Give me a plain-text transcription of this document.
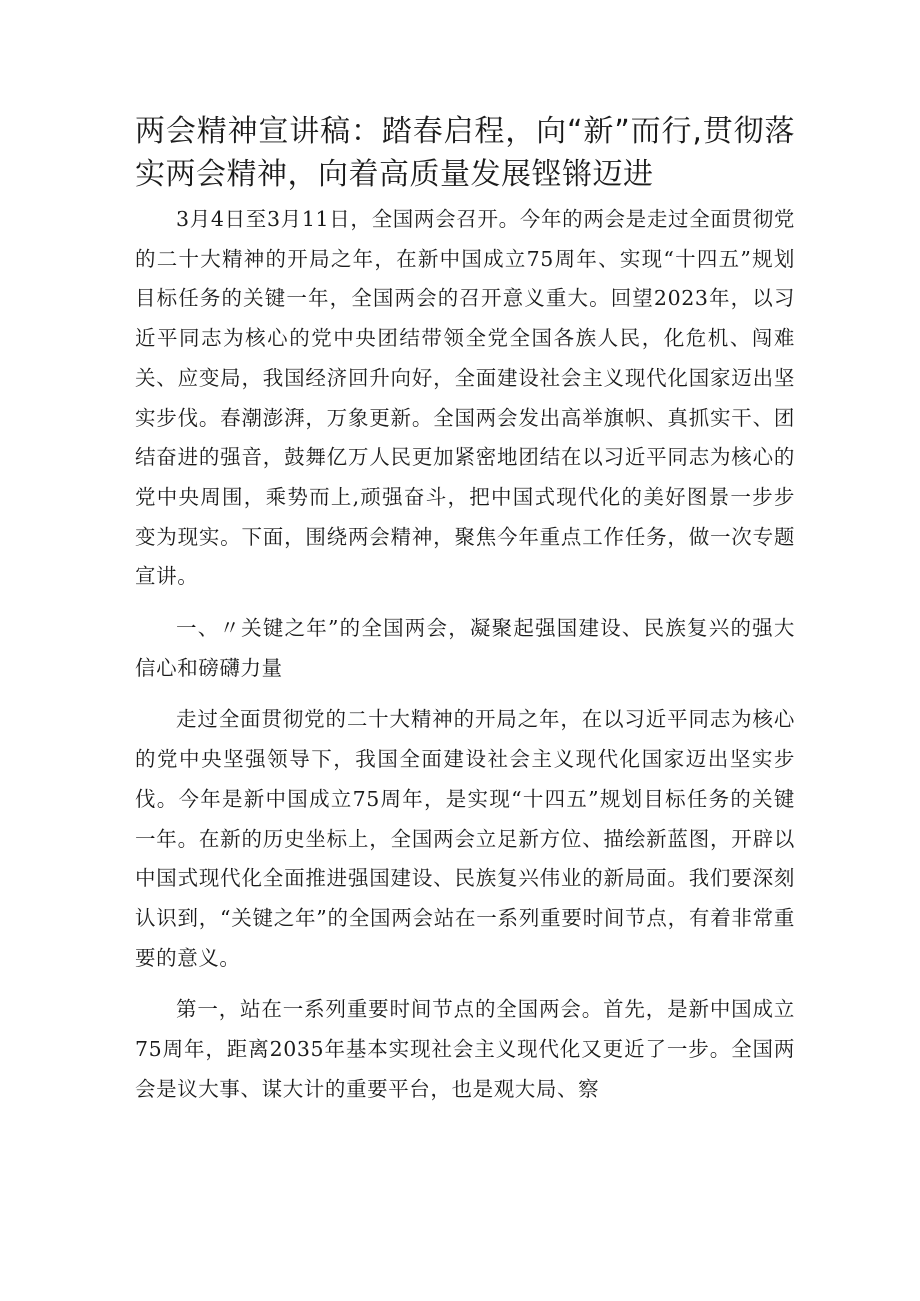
两会精神宣讲稿：踏春启程，向“新”而行,贯彻落实两会精神，向着高质量发展铿锵迈进

3月4日至3月11日，全国两会召开。今年的两会是走过全面贯彻党的二十大精神的开局之年，在新中国成立75周年、实现“十四五”规划目标任务的关键一年，全国两会的召开意义重大。回望2023年，以习近平同志为核心的党中央团结带领全党全国各族人民，化危机、闯难关、应变局，我国经济回升向好，全面建设社会主义现代化国家迈出坚实步伐。春潮澎湃，万象更新。全国两会发出高举旗帜、真抓实干、团结奋进的强音，鼓舞亿万人民更加紧密地团结在以习近平同志为核心的党中央周围，乘势而上,顽强奋斗，把中国式现代化的美好图景一步步变为现实。下面，围绕两会精神，聚焦今年重点工作任务，做一次专题宣讲。

一、〃关键之年”的全国两会，凝聚起强国建设、民族复兴的强大信心和磅礴力量

走过全面贯彻党的二十大精神的开局之年，在以习近平同志为核心的党中央坚强领导下，我国全面建设社会主义现代化国家迈出坚实步伐。今年是新中国成立75周年，是实现“十四五”规划目标任务的关键一年。在新的历史坐标上，全国两会立足新方位、描绘新蓝图，开辟以中国式现代化全面推进强国建设、民族复兴伟业的新局面。我们要深刻认识到，“关键之年”的全国两会站在一系列重要时间节点，有着非常重要的意义。

第一，站在一系列重要时间节点的全国两会。首先，是新中国成立75周年，距离2035年基本实现社会主义现代化又更近了一步。全国两会是议大事、谋大计的重要平台，也是观大局、察
